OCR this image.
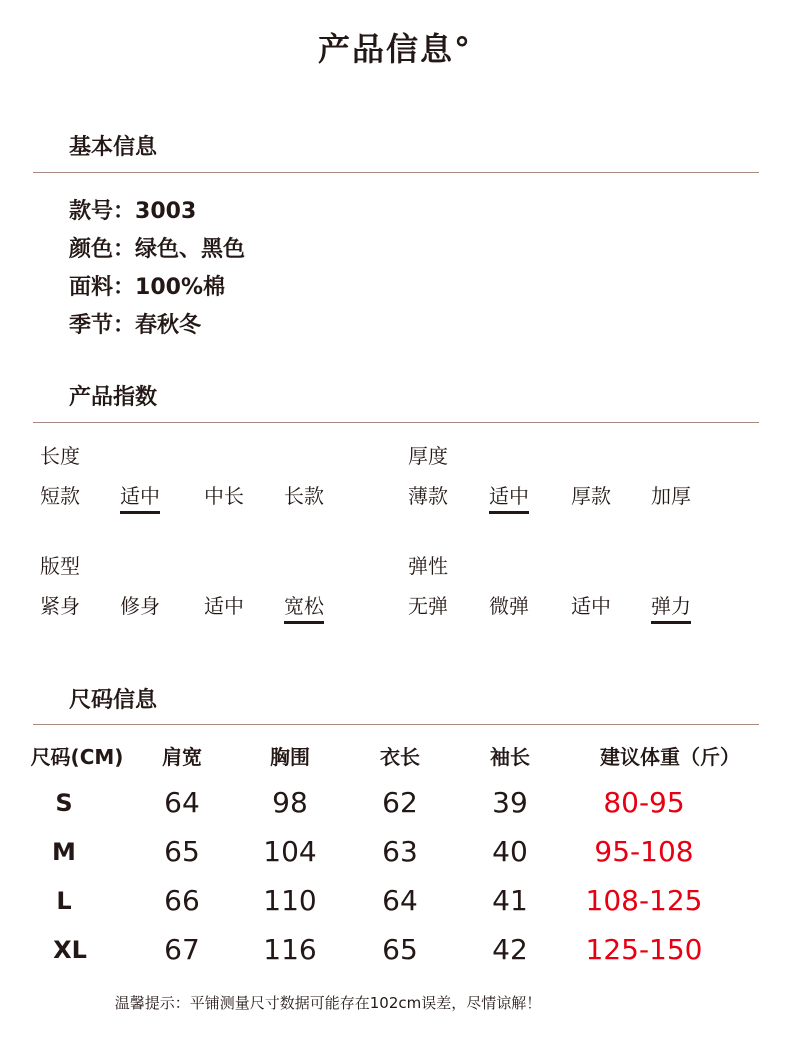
产品信息°
基本信息
款号：3003
颜色：绿色、黑色
面料：100%棉
季节：春秋冬
产品指数
长度
短款 适中 中长 长款
厚度
薄款 适中 厚款 加厚
版型
紧身 修身 适中 宽松
弹性
无弹 微弹 适中 弹力
尺码信息
尺码(CM)	肩宽	胸围	衣长	袖长	建议体重（斤）
S	64	98	62	39	80-95
M	65	104	63	40	95-108
L	66	110	64	41	108-125
XL	67	116	65	42	125-150
温馨提示：平铺测量尺寸数据可能存在102cm误差，尽情谅解！
